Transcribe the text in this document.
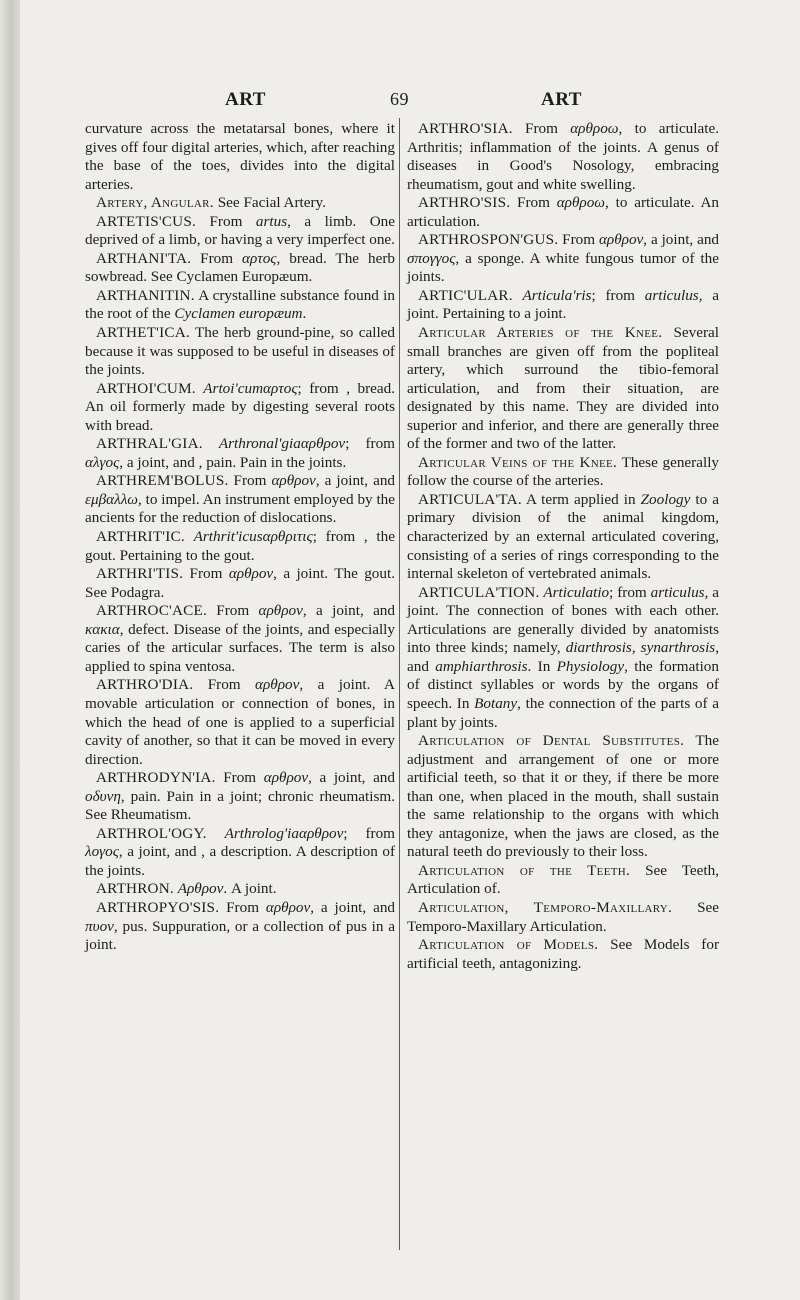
ART	69	ART

curvature across the metatarsal bones, where it gives off four digital arteries, which, after reaching the base of the toes, divides into the digital arteries.

Artery, Angular. See Facial Artery.

ARTETIS'CUS. From artus, a limb. One deprived of a limb, or having a very imperfect one.

ARTHANI'TA. From αρτος, bread. The herb sowbread. See Cyclamen Europæum.

ARTHANITIN. A crystalline substance found in the root of the Cyclamen europæum.

ARTHET'ICA. The herb ground-pine, so called because it was supposed to be useful in diseases of the joints.

ARTHOI'CUM. Artoi'cumαρτος; from , bread. An oil formerly made by digesting several roots with bread.

ARTHRAL'GIA. Arthronal'giaαρθρον; from αλγος, a joint, and , pain. Pain in the joints.

ARTHREM'BOLUS. From αρθρον, a joint, and εμβαλλω, to impel. An instrument employed by the ancients for the reduction of dislocations.

ARTHRIT'IC. Arthrit'icusαρθριτις; from , the gout. Pertaining to the gout.

ARTHRI'TIS. From αρθρον, a joint. The gout. See Podagra.

ARTHROC'ACE. From αρθρον, a joint, and κακια, defect. Disease of the joints, and especially caries of the articular surfaces. The term is also applied to spina ventosa.

ARTHRO'DIA. From αρθρον, a joint. A movable articulation or connection of bones, in which the head of one is applied to a superficial cavity of another, so that it can be moved in every direction.

ARTHRODYN'IA. From αρθρον, a joint, and οδυνη, pain. Pain in a joint; chronic rheumatism. See Rheumatism.

ARTHROL'OGY. Arthrolog'iaαρθρον; from λογος, a joint, and , a description. A description of the joints.

ARTHRON. Αρθρον. A joint.

ARTHROPYO'SIS. From αρθρον, a joint, and πυον, pus. Suppuration, or a collection of pus in a joint.

ARTHRO'SIA. From αρθροω, to articulate. Arthritis; inflammation of the joints. A genus of diseases in Good's Nosology, embracing rheumatism, gout and white swelling.

ARTHRO'SIS. From αρθροω, to articulate. An articulation.

ARTHROSPON'GUS. From αρθρον, a joint, and σπογγος, a sponge. A white fungous tumor of the joints.

ARTIC'ULAR. Articula'ris; from articulus, a joint. Pertaining to a joint.

Articular Arteries of the Knee. Several small branches are given off from the popliteal artery, which surround the tibio-femoral articulation, and from their situation, are designated by this name. They are divided into superior and inferior, and there are generally three of the former and two of the latter.

Articular Veins of the Knee. These generally follow the course of the arteries.

ARTICULA'TA. A term applied in Zoology to a primary division of the animal kingdom, characterized by an external articulated covering, consisting of a series of rings corresponding to the internal skeleton of vertebrated animals.

ARTICULA'TION. Articulatio; from articulus, a joint. The connection of bones with each other. Articulations are generally divided by anatomists into three kinds; namely, diarthrosis, synarthrosis, and amphiarthrosis. In Physiology, the formation of distinct syllables or words by the organs of speech. In Botany, the connection of the parts of a plant by joints.

Articulation of Dental Substitutes. The adjustment and arrangement of one or more artificial teeth, so that it or they, if there be more than one, when placed in the mouth, shall sustain the same relationship to the organs with which they antagonize, when the jaws are closed, as the natural teeth do previously to their loss.

Articulation of the Teeth. See Teeth, Articulation of.

Articulation, Temporo-Maxillary. See Temporo-Maxillary Articulation.

Articulation of Models. See Models for artificial teeth, antagonizing.
